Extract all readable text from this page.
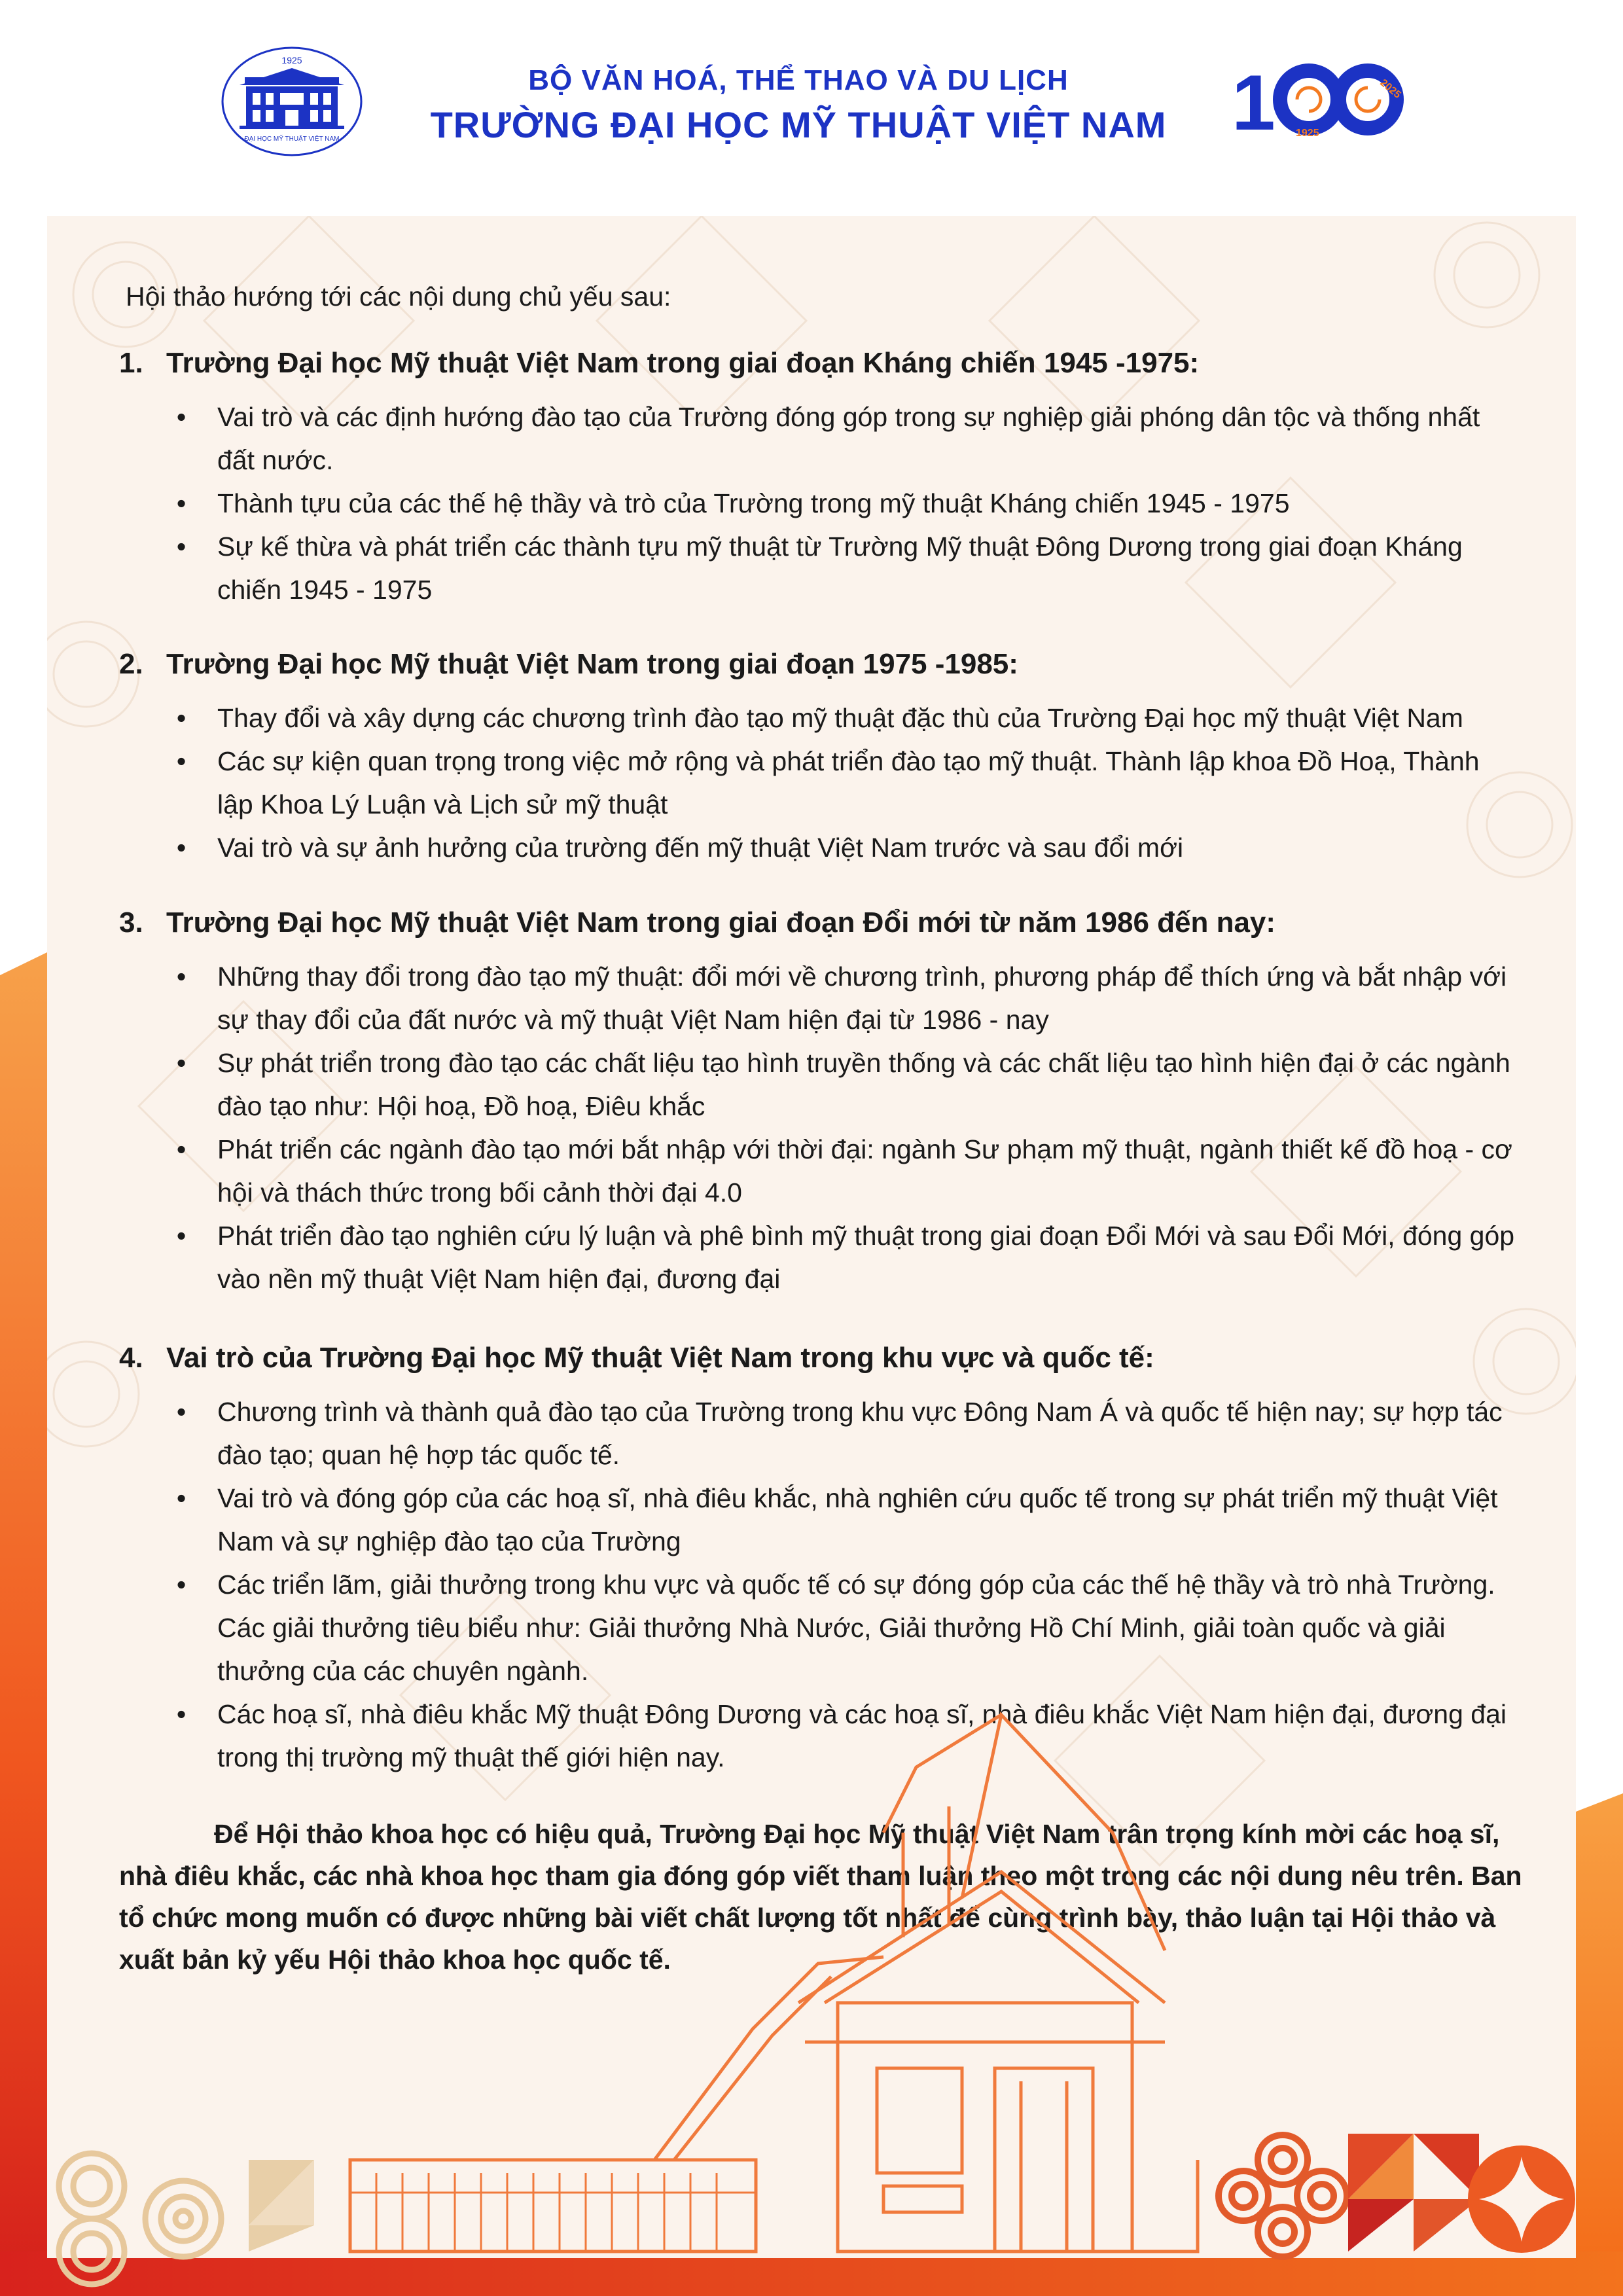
1925
ĐẠI HỌC MỸ THUẬT VIỆT NAM
BỘ VĂN HOÁ, THỂ THAO VÀ DU LỊCH
TRƯỜNG ĐẠI HỌC MỸ THUẬT VIỆT NAM 1	2025
1925
Hội thảo hướng tới các nội dung chủ yếu sau:
1. Trường Đại học Mỹ thuật Việt Nam trong giai đoạn Kháng chiến 1945 -1975:
• Vai trò và các định hướng đào tạo của Trường đóng góp trong sự nghiệp giải phóng dân tộc và thống nhất đất nước.
• Thành tựu của các thế hệ thầy và trò của Trường trong mỹ thuật Kháng chiến 1945 - 1975
• Sự kế thừa và phát triển các thành tựu mỹ thuật từ Trường Mỹ thuật Đông Dương trong giai đoạn Kháng chiến 1945 - 1975
2. Trường Đại học Mỹ thuật Việt Nam trong giai đoạn 1975 -1985:
• Thay đổi và xây dựng các chương trình đào tạo mỹ thuật đặc thù của Trường Đại học mỹ thuật Việt Nam
• Các sự kiện quan trọng trong việc mở rộng và phát triển đào tạo mỹ thuật. Thành lập khoa Đồ Hoạ, Thành lập Khoa Lý Luận và Lịch sử mỹ thuật
• Vai trò và sự ảnh hưởng của trường đến mỹ thuật Việt Nam trước và sau đổi mới
3. Trường Đại học Mỹ thuật Việt Nam trong giai đoạn Đổi mới từ năm 1986 đến nay:
• Những thay đổi trong đào tạo mỹ thuật: đổi mới về chương trình, phương pháp để thích ứng và bắt nhập với sự thay đổi của đất nước và mỹ thuật Việt Nam hiện đại từ 1986 - nay
• Sự phát triển trong đào tạo các chất liệu tạo hình truyền thống và các chất liệu tạo hình hiện đại ở các ngành đào tạo như: Hội hoạ, Đồ hoạ, Điêu khắc
• Phát triển các ngành đào tạo mới bắt nhập với thời đại: ngành Sư phạm mỹ thuật, ngành thiết kế đồ hoạ - cơ hội và thách thức trong bối cảnh thời đại 4.0
• Phát triển đào tạo nghiên cứu lý luận và phê bình mỹ thuật trong giai đoạn Đổi Mới và sau Đổi Mới, đóng góp vào nền mỹ thuật Việt Nam hiện đại, đương đại
4. Vai trò của Trường Đại học Mỹ thuật Việt Nam trong khu vực và quốc tế:
• Chương trình và thành quả đào tạo của Trường trong khu vực Đông Nam Á và quốc tế hiện nay; sự hợp tác đào tạo; quan hệ hợp tác quốc tế.
• Vai trò và đóng góp của các hoạ sĩ, nhà điêu khắc, nhà nghiên cứu quốc tế trong sự phát triển mỹ thuật Việt Nam và sự nghiệp đào tạo của Trường
• Các triển lãm, giải thưởng trong khu vực và quốc tế có sự đóng góp của các thế hệ thầy và trò nhà Trường. Các giải thưởng tiêu biểu như: Giải thưởng Nhà Nước, Giải thưởng Hồ Chí Minh, giải toàn quốc và giải thưởng của các chuyên ngành.
• Các hoạ sĩ, nhà điêu khắc Mỹ thuật Đông Dương và các hoạ sĩ, nhà điêu khắc Việt Nam hiện đại, đương đại trong thị trường mỹ thuật thế giới hiện nay.
Để Hội thảo khoa học có hiệu quả, Trường Đại học Mỹ thuật Việt Nam trân trọng kính mời các hoạ sĩ, nhà điêu khắc, các nhà khoa học tham gia đóng góp viết tham luận theo một trong các nội dung nêu trên. Ban tổ chức mong muốn có được những bài viết chất lượng tốt nhất để cùng trình bày, thảo luận tại Hội thảo và xuất bản kỷ yếu Hội thảo khoa học quốc tế.
